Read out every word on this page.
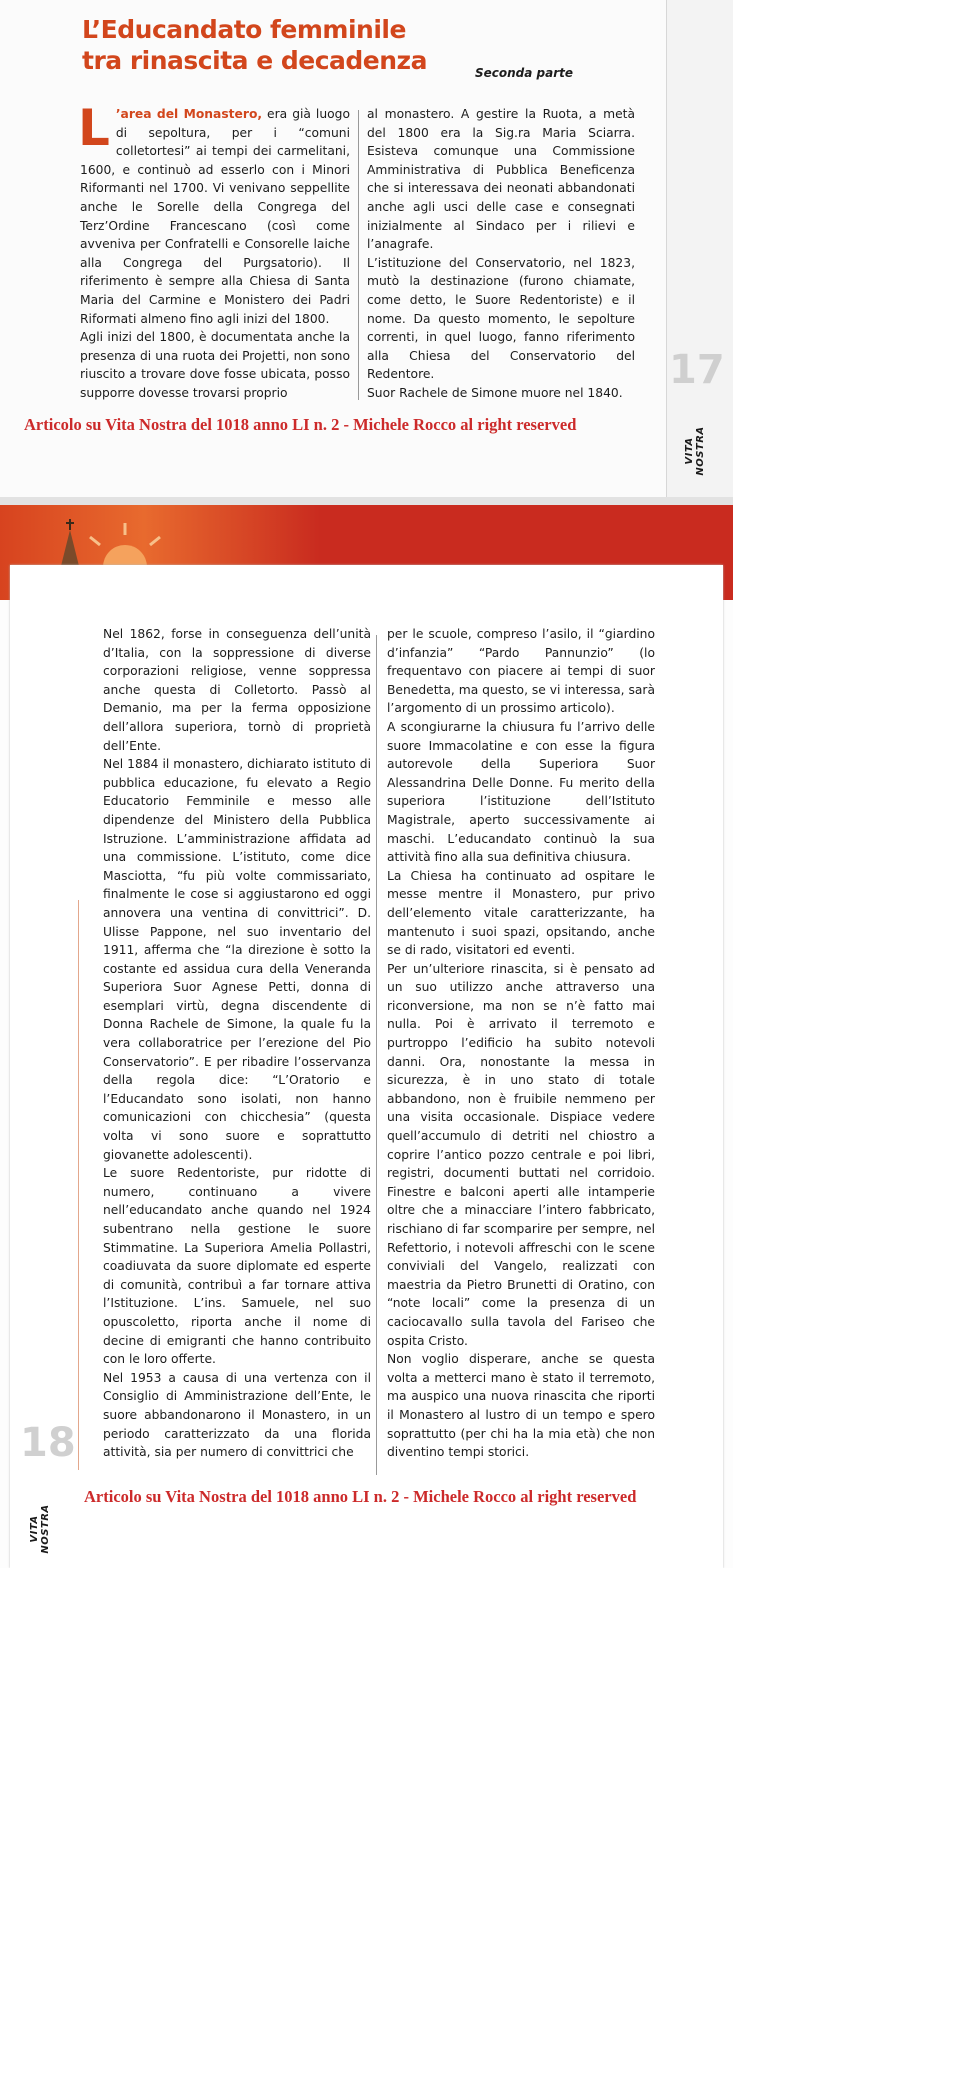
L’Educandato femminile
tra rinascita e decadenza	Seconda parte

L ’area del Monastero, era già luogo di sepoltura, per i “comuni colletortesi” ai tempi dei carmelitani, 1600, e continuò ad esserlo con i Minori Riformanti nel 1700. Vi venivano seppellite anche le Sorelle della Congrega del Terz’Ordine Francescano (così come avveniva per Confratelli e Consorelle laiche alla Congrega del Purgsatorio). Il riferimento è sempre alla Chiesa di Santa Maria del Carmine e Monistero dei Padri Riformati almeno fino agli inizi del 1800.

Agli inizi del 1800, è documentata anche la presenza di una ruota dei Projetti, non sono riuscito a trovare dove fosse ubicata, posso supporre dovesse trovarsi proprio

al monastero. A gestire la Ruota, a metà del 1800 era la Sig.ra Maria Sciarra. Esisteva comunque una Commissione Amministrativa di Pubblica Beneficenza che si interessava dei neonati abbandonati anche agli usci delle case e consegnati inizialmente al Sindaco per i rilievi e l’anagrafe.

L’istituzione del Conservatorio, nel 1823, mutò la destinazione (furono chiamate, come detto, le Suore Redentoriste) e il nome. Da questo momento, le sepolture correnti, in quel luogo, fanno riferimento alla Chiesa del Conservatorio del Redentore.

Suor Rachele de Simone muore nel 1840.	17
VITA NOSTRA
Articolo su Vita Nostra del 1018 anno LI n. 2 - Michele Rocco al right reserved

Nel 1862, forse in conseguenza dell’unità d’Italia, con la soppressione di diverse corporazioni religiose, venne soppressa anche questa di Colletorto. Passò al Demanio, ma per la ferma opposizione dell’allora superiora, tornò di proprietà dell’Ente.

Nel 1884 il monastero, dichiarato istituto di pubblica educazione, fu elevato a Regio Educatorio Femminile e messo alle dipendenze del Ministero della Pubblica Istruzione. L’amministrazione affidata ad una commissione. L’istituto, come dice Masciotta, “fu più volte commissariato, finalmente le cose si aggiustarono ed oggi annovera una ventina di convittrici”. D. Ulisse Pappone, nel suo inventario del 1911, afferma che “la direzione è sotto la costante ed assidua cura della Veneranda Superiora Suor Agnese Petti, donna di esemplari virtù, degna discendente di Donna Rachele de Simone, la quale fu la vera collaboratrice per l’erezione del Pio Conservatorio”. E per ribadire l’osservanza della regola dice: “L’Oratorio e l’Educandato sono isolati, non hanno comunicazioni con chicchesia” (questa volta vi sono suore e soprattutto giovanette adolescenti).

Le suore Redentoriste, pur ridotte di numero, continuano a vivere nell’educandato anche quando nel 1924 subentrano nella gestione le suore Stimmatine. La Superiora Amelia Pollastri, coadiuvata da suore diplomate ed esperte di comunità, contribuì a far tornare attiva l’Istituzione. L’ins. Samuele, nel suo opuscoletto, riporta anche il nome di decine di emigranti che hanno contribuito con le loro offerte.

Nel 1953 a causa di una vertenza con il Consiglio di Amministrazione dell’Ente, le suore abbandonarono il Monastero, in un periodo caratterizzato da una florida attività, sia per numero di convittrici che

per le scuole, compreso l’asilo, il “giardino d’infanzia” “Pardo Pannunzio” (lo frequentavo con piacere ai tempi di suor Benedetta, ma questo, se vi interessa, sarà l’argomento di un prossimo articolo).

A scongiurarne la chiusura fu l’arrivo delle suore Immacolatine e con esse la figura autorevole della Superiora Suor Alessandrina Delle Donne. Fu merito della superiora l’istituzione dell’Istituto Magistrale, aperto successivamente ai maschi. L’educandato continuò la sua attività fino alla sua definitiva chiusura.

La Chiesa ha continuato ad ospitare le messe mentre il Monastero, pur privo dell’elemento vitale caratterizzante, ha mantenuto i suoi spazi, opsitando, anche se di rado, visitatori ed eventi.

Per un’ulteriore rinascita, si è pensato ad un suo utilizzo anche attraverso una riconversione, ma non se n’è fatto mai nulla. Poi è arrivato il terremoto e purtroppo l’edificio ha subito notevoli danni. Ora, nonostante la messa in sicurezza, è in uno stato di totale abbandono, non è fruibile nemmeno per una visita occasionale. Dispiace vedere quell’accumulo di detriti nel chiostro a coprire l’antico pozzo centrale e poi libri, registri, documenti buttati nel corridoio. Finestre e balconi aperti alle intamperie oltre che a minacciare l’intero fabbricato, rischiano di far scomparire per sempre, nel Refettorio, i notevoli affreschi con le scene conviviali del Vangelo, realizzati con maestria da Pietro Brunetti di Oratino, con “note locali” come la presenza di un caciocavallo sulla tavola del Fariseo che ospita Cristo.

Non voglio disperare, anche se questa volta a metterci mano è stato il terremoto, ma auspico una nuova rinascita che riporti il Monastero al lustro di un tempo e spero soprattutto (per chi ha la mia età) che non diventino tempi storici.

18
VITA NOSTRA
Articolo su Vita Nostra del 1018 anno LI n. 2 - Michele Rocco al right reserved
